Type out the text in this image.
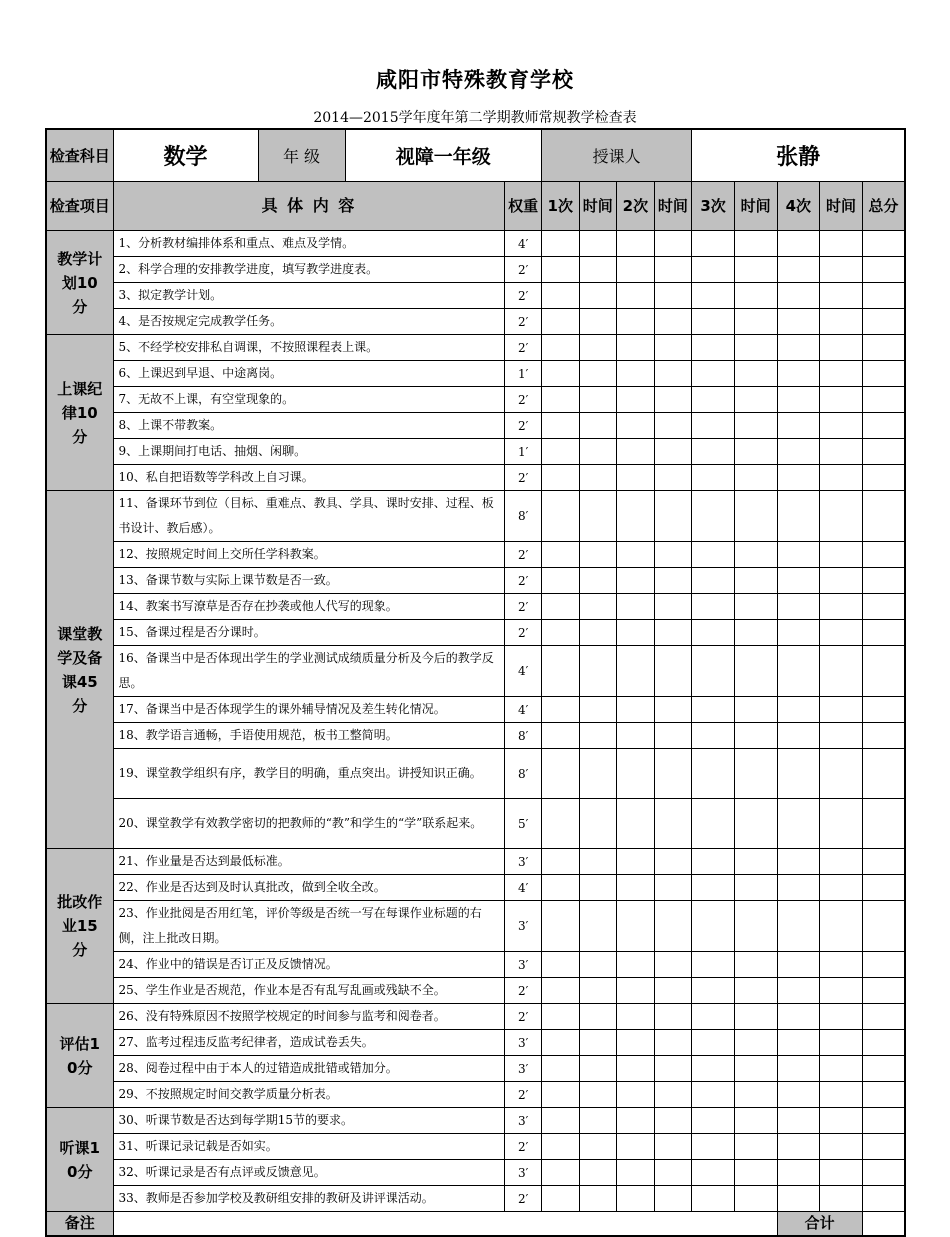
咸阳市特殊教育学校
2014—2015学年度年第二学期教师常规教学检查表
检查科目	数学 年 级 视障一年级		授课人				张静				
检查项目	具 体 内 容	权重	1次	时间	2次	时间	3次	时间	4次	时间	总分
教学计划10分	1、分析教材编排体系和重点、难点及学情。	4′									
	2、科学合理的安排教学进度，填写教学进度表。	2′									
	3、拟定教学计划。	2′									
	4、是否按规定完成教学任务。	2′									
上课纪律10分	5、不经学校安排私自调课，不按照课程表上课。	2′									
	6、上课迟到早退、中途离岗。	1′									
	7、无故不上课，有空堂现象的。	2′									
	8、上课不带教案。	2′									
	9、上课期间打电话、抽烟、闲聊。	1′									
	10、私自把语数等学科改上自习课。	2′									
课堂教学及备课45分	11、备课环节到位（目标、重难点、教具、学具、课时安排、过程、板书设计、教后感）。	8′									
	12、按照规定时间上交所任学科教案。	2′									
	13、备课节数与实际上课节数是否一致。	2′									
	14、教案书写潦草是否存在抄袭或他人代写的现象。	2′									
	15、备课过程是否分课时。	2′									
	16、备课当中是否体现出学生的学业测试成绩质量分析及今后的教学反思。	4′									
	17、备课当中是否体现学生的课外辅导情况及差生转化情况。	4′									
	18、教学语言通畅，手语使用规范，板书工整简明。	8′									
	19、课堂教学组织有序，教学目的明确，重点突出。讲授知识正确。	8′									
	20、课堂教学有效教学密切的把教师的“教”和学生的“学”联系起来。	5′									
批改作业15分	21、作业量是否达到最低标准。	3′									
	22、作业是否达到及时认真批改，做到全收全改。	4′									
	23、作业批阅是否用红笔，评价等级是否统一写在每课作业标题的右侧，注上批改日期。	3′									
	24、作业中的错误是否订正及反馈情况。	3′									
	25、学生作业是否规范，作业本是否有乱写乱画或残缺不全。	2′									
评估10分	26、没有特殊原因不按照学校规定的时间参与监考和阅卷者。	2′									
	27、监考过程违反监考纪律者，造成试卷丢失。	3′									
	28、阅卷过程中由于本人的过错造成批错或错加分。	3′									
	29、不按照规定时间交教学质量分析表。	2′									
听课10分	30、听课节数是否达到每学期15节的要求。	3′									
	31、听课记录记载是否如实。	2′									
	32、听课记录是否有点评或反馈意见。	3′									
	33、教师是否参加学校及教研组安排的教研及讲评课活动。	2′									
备注									合计		
